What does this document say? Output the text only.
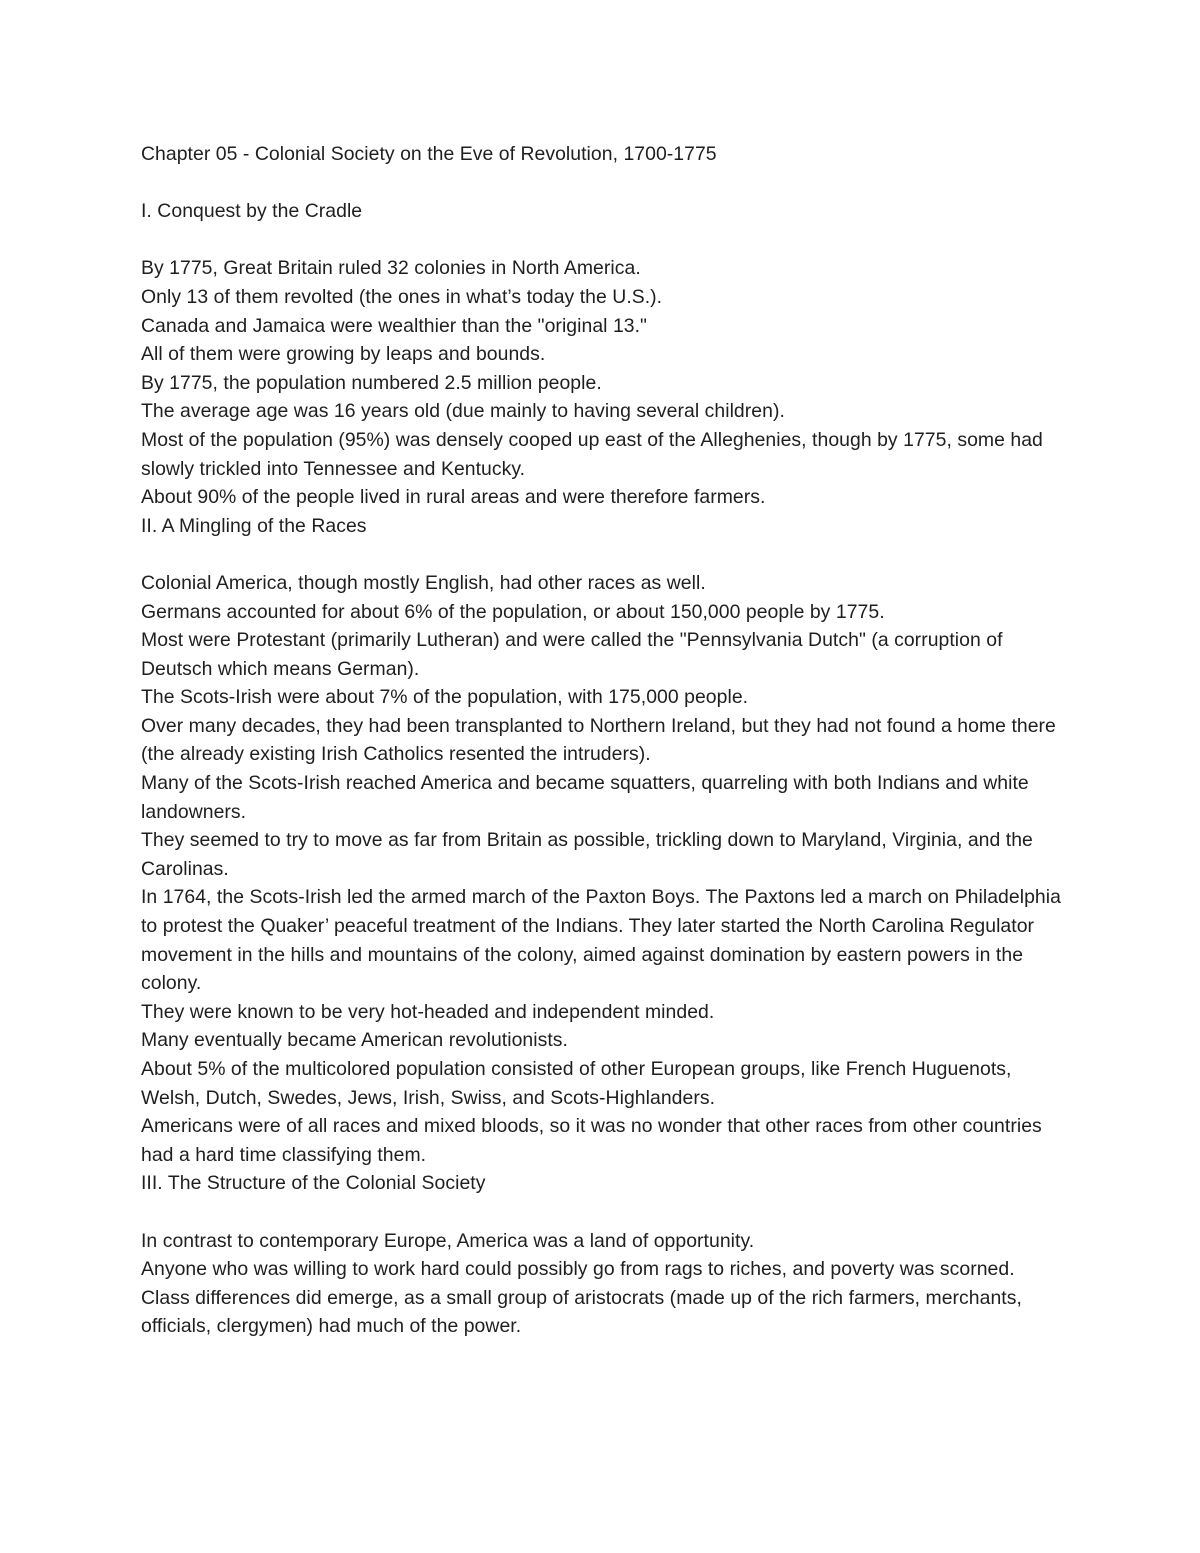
Chapter 05 - Colonial Society on the Eve of Revolution, 1700-1775

I. Conquest by the Cradle

By 1775, Great Britain ruled 32 colonies in North America.

Only 13 of them revolted (the ones in what’s today the U.S.).

Canada and Jamaica were wealthier than the "original 13."

All of them were growing by leaps and bounds.

By 1775, the population numbered 2.5 million people.

The average age was 16 years old (due mainly to having several children).

Most of the population (95%) was densely cooped up east of the Alleghenies, though by 1775, some had slowly trickled into Tennessee and Kentucky.

About 90% of the people lived in rural areas and were therefore farmers.

II. A Mingling of the Races

Colonial America, though mostly English, had other races as well.

Germans accounted for about 6% of the population, or about 150,000 people by 1775.

Most were Protestant (primarily Lutheran) and were called the "Pennsylvania Dutch" (a corruption of Deutsch which means German).

The Scots-Irish were about 7% of the population, with 175,000 people.

Over many decades, they had been transplanted to Northern Ireland, but they had not found a home there (the already existing Irish Catholics resented the intruders).

Many of the Scots-Irish reached America and became squatters, quarreling with both Indians and white landowners.

They seemed to try to move as far from Britain as possible, trickling down to Maryland, Virginia, and the Carolinas.

In 1764, the Scots-Irish led the armed march of the Paxton Boys. The Paxtons led a march on Philadelphia to protest the Quaker’ peaceful treatment of the Indians. They later started the North Carolina Regulator movement in the hills and mountains of the colony, aimed against domination by eastern powers in the colony.

They were known to be very hot-headed and independent minded.

Many eventually became American revolutionists.

About 5% of the multicolored population consisted of other European groups, like French Huguenots, Welsh, Dutch, Swedes, Jews, Irish, Swiss, and Scots-Highlanders.

Americans were of all races and mixed bloods, so it was no wonder that other races from other countries had a hard time classifying them.

III. The Structure of the Colonial Society

In contrast to contemporary Europe, America was a land of opportunity.

Anyone who was willing to work hard could possibly go from rags to riches, and poverty was scorned.

Class differences did emerge, as a small group of aristocrats (made up of the rich farmers, merchants, officials, clergymen) had much of the power.
